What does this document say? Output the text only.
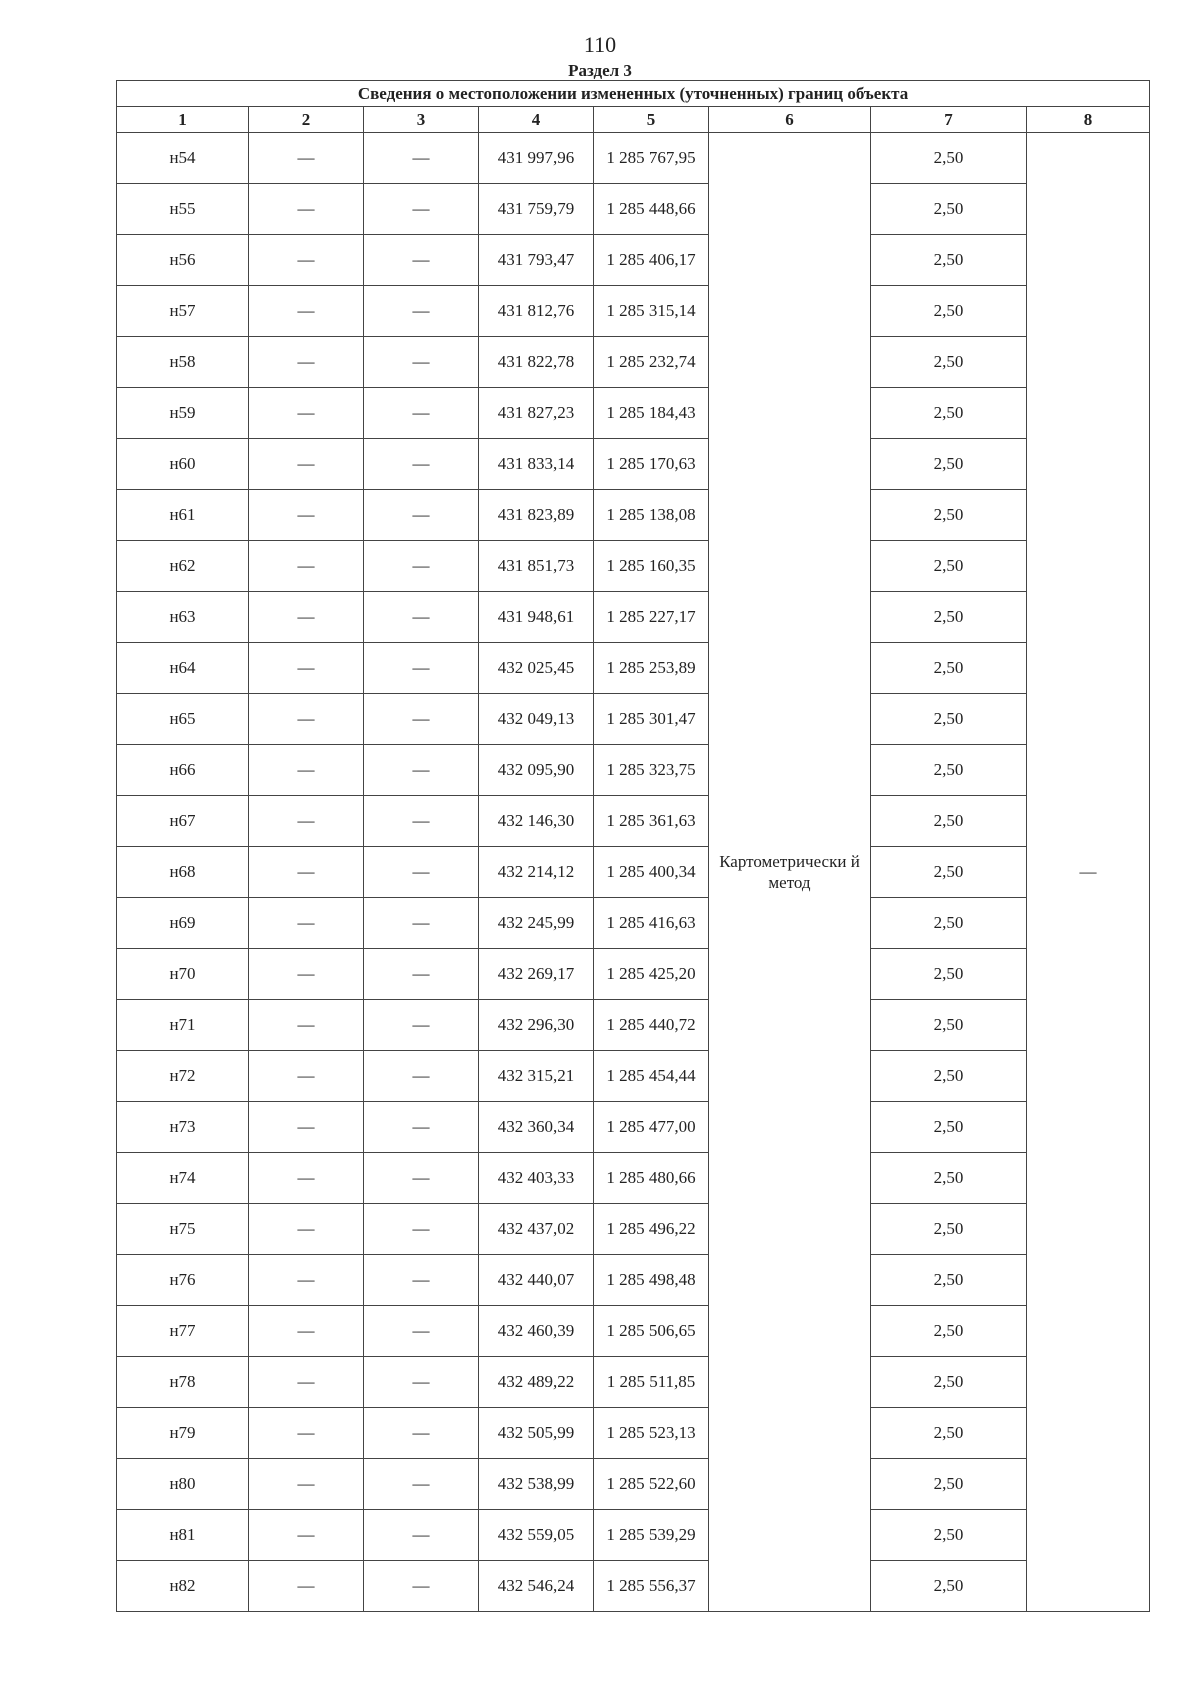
110
Раздел 3
Сведения о местоположении измененных (уточненных) границ объекта							
1	2	3	4	5	6	7	8
н54	—	—	431 997,96	1 285 767,95	Картометрически й метод	2,50	—
н55	—	—	431 759,79	1 285 448,66		2,50	
н56	—	—	431 793,47	1 285 406,17		2,50	
н57	—	—	431 812,76	1 285 315,14		2,50	
н58	—	—	431 822,78	1 285 232,74		2,50	
н59	—	—	431 827,23	1 285 184,43		2,50	
н60	—	—	431 833,14	1 285 170,63		2,50	
н61	—	—	431 823,89	1 285 138,08		2,50	
н62	—	—	431 851,73	1 285 160,35		2,50	
н63	—	—	431 948,61	1 285 227,17		2,50	
н64	—	—	432 025,45	1 285 253,89		2,50	
н65	—	—	432 049,13	1 285 301,47		2,50	
н66	—	—	432 095,90	1 285 323,75		2,50	
н67	—	—	432 146,30	1 285 361,63		2,50	
н68	—	—	432 214,12	1 285 400,34		2,50	
н69	—	—	432 245,99	1 285 416,63		2,50	
н70	—	—	432 269,17	1 285 425,20		2,50	
н71	—	—	432 296,30	1 285 440,72		2,50	
н72	—	—	432 315,21	1 285 454,44		2,50	
н73	—	—	432 360,34	1 285 477,00		2,50	
н74	—	—	432 403,33	1 285 480,66		2,50	
н75	—	—	432 437,02	1 285 496,22		2,50	
н76	—	—	432 440,07	1 285 498,48		2,50	
н77	—	—	432 460,39	1 285 506,65		2,50	
н78	—	—	432 489,22	1 285 511,85		2,50	
н79	—	—	432 505,99	1 285 523,13		2,50	
н80	—	—	432 538,99	1 285 522,60		2,50	
н81	—	—	432 559,05	1 285 539,29		2,50	
н82	—	—	432 546,24	1 285 556,37		2,50	
